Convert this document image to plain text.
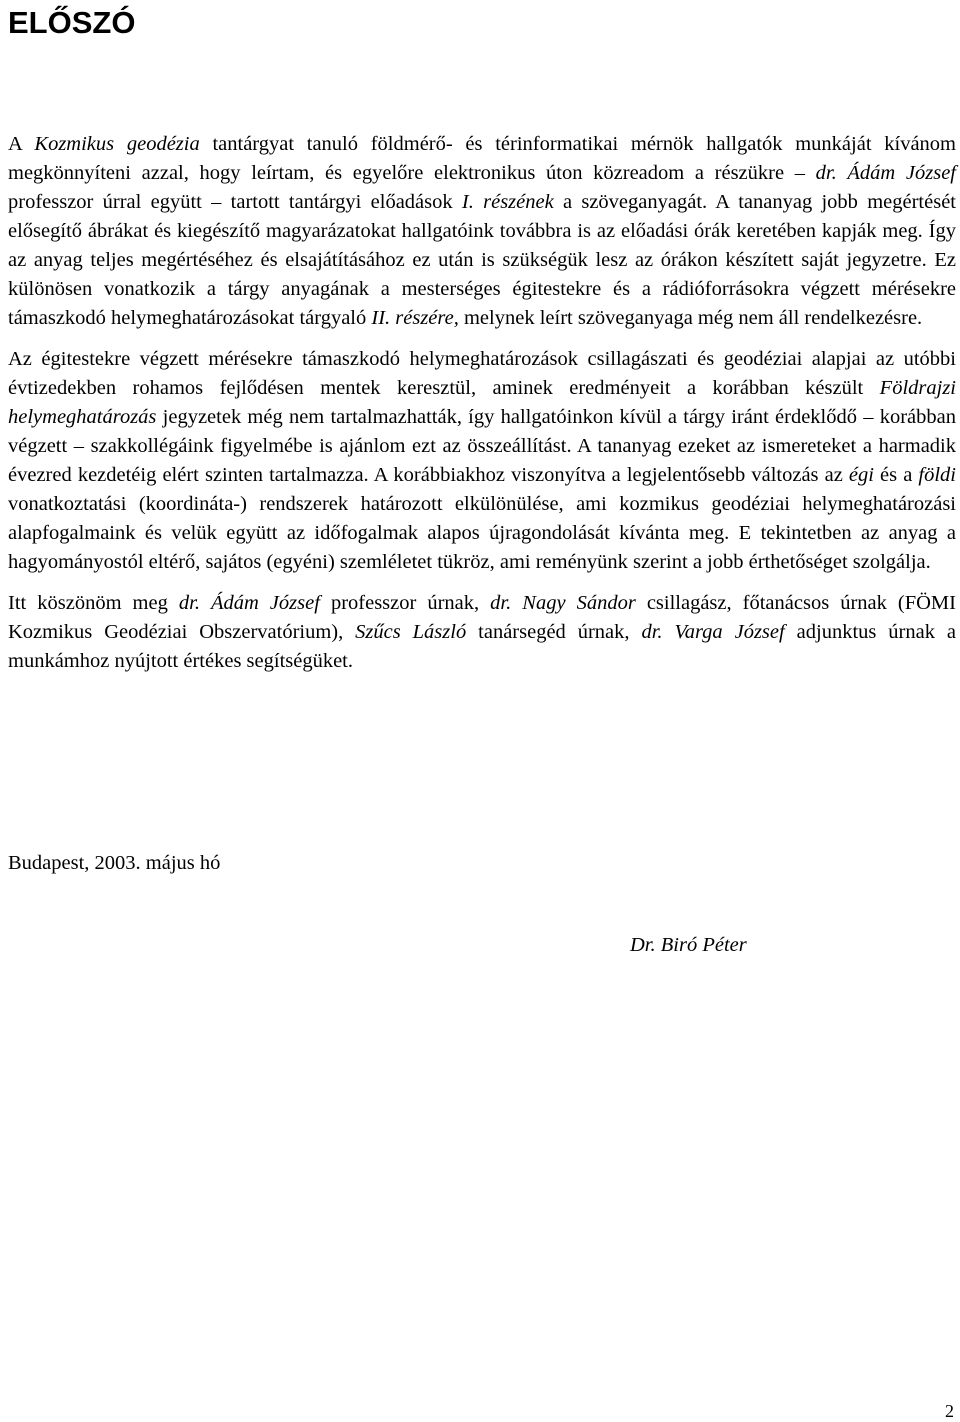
ELŐSZÓ

A Kozmikus geodézia tantárgyat tanuló földmérő- és térinformatikai mérnök hallgatók munkáját kívánom megkönnyíteni azzal, hogy leírtam, és egyelőre elektronikus úton közreadom a részükre – dr. Ádám József professzor úrral együtt – tartott tantárgyi előadások I. részének a szöveganyagát. A tananyag jobb megértését elősegítő ábrákat és kiegészítő magyarázatokat hallgatóink továbbra is az előadási órák keretében kapják meg. Így az anyag teljes megértéséhez és elsajátításához ez után is szükségük lesz az órákon készített saját jegyzetre. Ez különösen vonatkozik a tárgy anyagának a mesterséges égitestekre és a rádióforrásokra végzett mérésekre támaszkodó helymeghatározásokat tárgyaló II. részére, melynek leírt szöveganyaga még nem áll rendelkezésre.

Az égitestekre végzett mérésekre támaszkodó helymeghatározások csillagászati és geodéziai alapjai az utóbbi évtizedekben rohamos fejlődésen mentek keresztül, aminek eredményeit a korábban készült Földrajzi helymeghatározás jegyzetek még nem tartalmazhatták, így hallgatóinkon kívül a tárgy iránt érdeklődő – korábban végzett – szakkollégáink figyelmébe is ajánlom ezt az összeállítást. A tananyag ezeket az ismereteket a harmadik évezred kezdetéig elért szinten tartalmazza. A korábbiakhoz viszonyítva a legjelentősebb változás az égi és a földi vonatkoztatási (koordináta-) rendszerek határozott elkülönülése, ami kozmikus geodéziai helymeghatározási alapfogalmaink és velük együtt az időfogalmak alapos újragondolását kívánta meg. E tekintetben az anyag a hagyományostól eltérő, sajátos (egyéni) szemléletet tükröz, ami reményünk szerint a jobb érthetőséget szolgálja.

Itt köszönöm meg dr. Ádám József professzor úrnak, dr. Nagy Sándor csillagász, főtanácsos úrnak (FÖMI Kozmikus Geodéziai Obszervatórium), Szűcs László tanársegéd úrnak, dr. Varga József adjunktus úrnak a munkámhoz nyújtott értékes segítségüket.

Budapest, 2003. május hó

Dr. Biró Péter

2
